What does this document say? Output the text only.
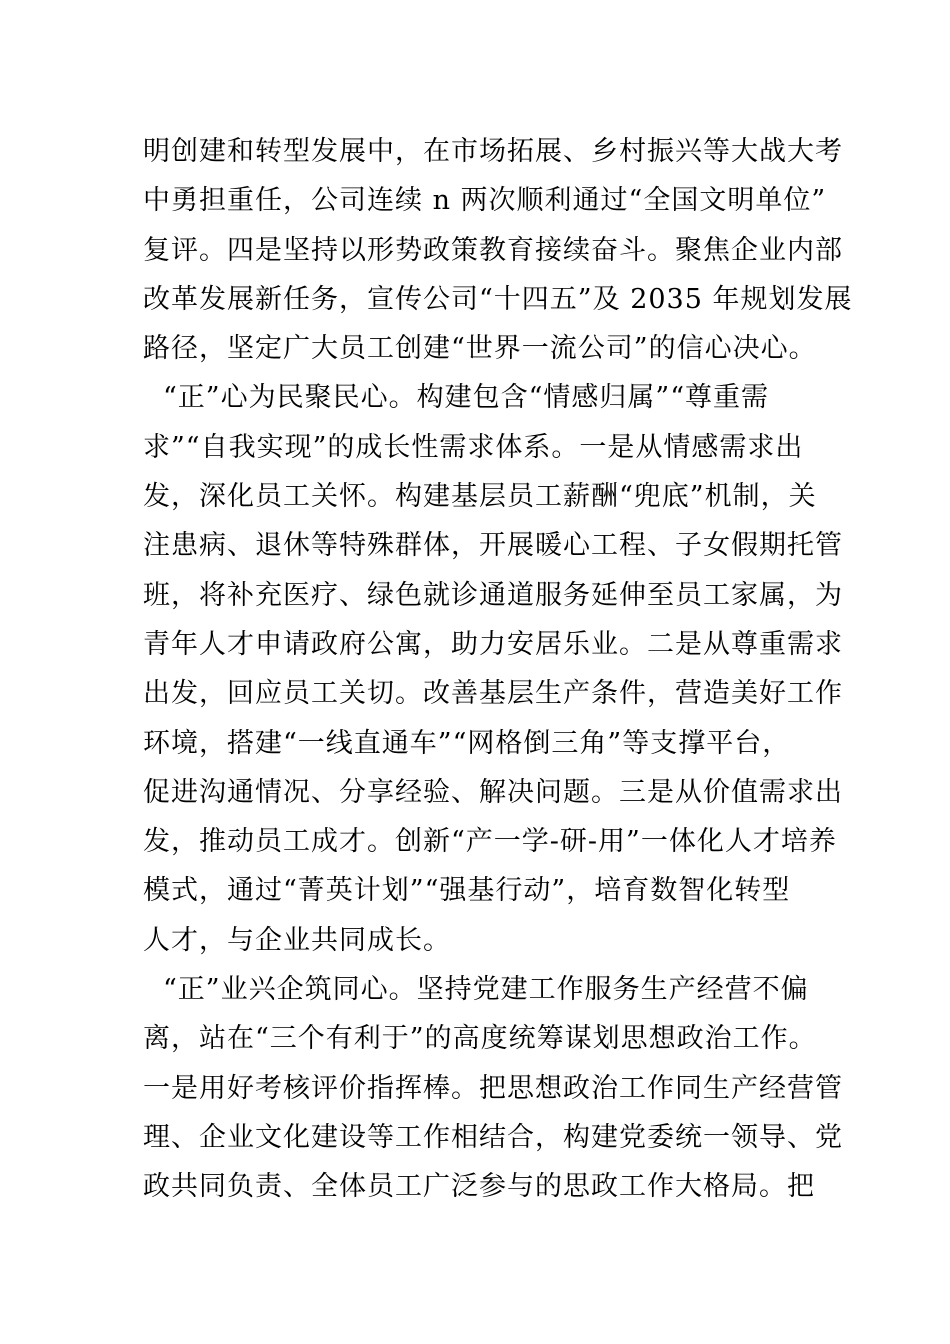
明创建和转型发展中，在市场拓展、乡村振兴等大战大考
中勇担重任，公司连续 n 两次顺利通过“全国文明单位”
复评。四是坚持以形势政策教育接续奋斗。聚焦企业内部
改革发展新任务，宣传公司“十四五”及 2035 年规划发展
路径，坚定广大员工创建“世界一流公司”的信心决心。
“正”心为民聚民心。构建包含“情感归属”“尊重需
求”“自我实现”的成长性需求体系。一是从情感需求出
发，深化员工关怀。构建基层员工薪酬“兜底”机制，关
注患病、退休等特殊群体，开展暖心工程、子女假期托管
班，将补充医疗、绿色就诊通道服务延伸至员工家属，为
青年人才申请政府公寓，助力安居乐业。二是从尊重需求
出发，回应员工关切。改善基层生产条件，营造美好工作
环境，搭建“一线直通车”“网格倒三角”等支撑平台，
促进沟通情况、分享经验、解决问题。三是从价值需求出
发，推动员工成才。创新“产一学-研-用”一体化人才培养
模式，通过“菁英计划”“强基行动”，培育数智化转型
人才，与企业共同成长。
“正”业兴企筑同心。坚持党建工作服务生产经营不偏
离，站在“三个有利于”的高度统筹谋划思想政治工作。
一是用好考核评价指挥棒。把思想政治工作同生产经营管
理、企业文化建设等工作相结合，构建党委统一领导、党
政共同负责、全体员工广泛参与的思政工作大格局。把
